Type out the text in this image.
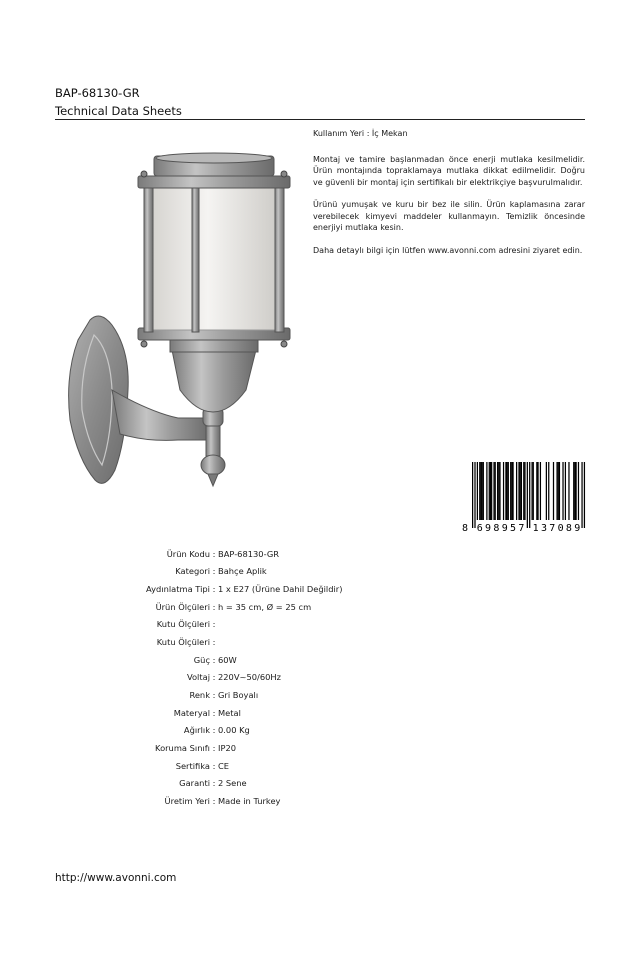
BAP-68130-GR
Technical Data Sheets

Kullanım Yeri : İç Mekan

Montaj ve tamire başlanmadan önce enerji mutlaka kesilmelidir. Ürün montajında topraklamaya mutlaka dikkat edilmelidir. Doğru ve güvenli bir montaj için sertifikalı bir elektrikçiye başvurulmalıdır.

Ürünü yumuşak ve kuru bir bez ile silin. Ürün kaplamasına zarar verebilecek kimyevi maddeler kullanmayın. Temizlik öncesinde enerjiyi mutlaka kesin.

Daha detaylı bilgi için lütfen www.avonni.com adresini ziyaret edin.

8 6 9 8 9 5 7 1 3 7 0 8 9
Ürün Kodu : BAP-68130-GR
Kategori : Bahçe Aplik
Aydınlatma Tipi : 1 x E27 (Ürüne Dahil Değildir)
Ürün Ölçüleri : h = 35 cm, Ø = 25 cm
Kutu Ölçüleri :
Kutu Ölçüleri :
Güç : 60W
Voltaj : 220V~50/60Hz
Renk : Gri Boyalı
Materyal : Metal
Ağırlık : 0.00 Kg
Koruma Sınıfı : IP20
Sertifika : CE
Garanti : 2 Sene
Üretim Yeri : Made in Turkey
http://www.avonni.com
